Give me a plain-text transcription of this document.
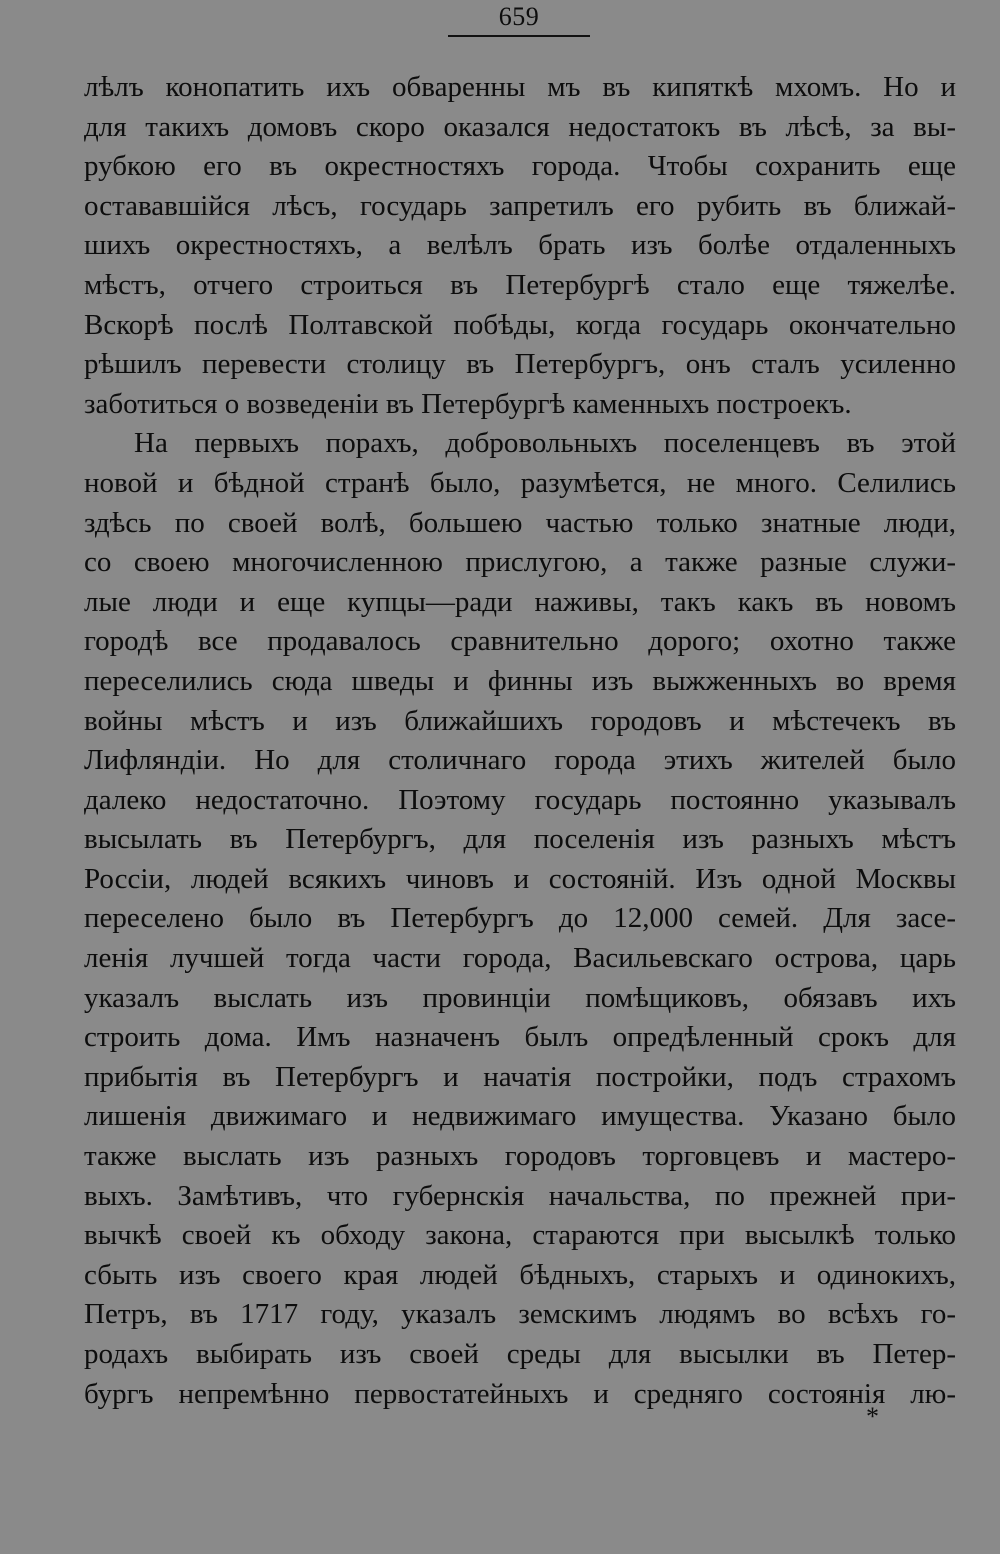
659
лѣлъ конопатить ихъ обваренны мъ въ кипяткѣ мхомъ. Но и
для такихъ домовъ скоро оказался недостатокъ въ лѣсѣ, за вы-
рубкою его въ окрестностяхъ города. Чтобы сохранить еще
остававшійся лѣсъ, государь запретилъ его рубить въ ближай-
шихъ окрестностяхъ, а велѣлъ брать изъ болѣе отдаленныхъ
мѣстъ, отчего строиться въ Петербургѣ стало еще тяжелѣе.
Вскорѣ послѣ Полтавской побѣды, когда государь окончательно
рѣшилъ перевести столицу въ Петербургъ, онъ сталъ усиленно
заботиться о возведеніи въ Петербургѣ каменныхъ построекъ.
На первыхъ порахъ, добровольныхъ поселенцевъ въ этой
новой и бѣдной странѣ было, разумѣется, не много. Селились
здѣсь по своей волѣ, большею частью только знатные люди,
со своею многочисленною прислугою, а также разные служи-
лые люди и еще купцы—ради наживы, такъ какъ въ новомъ
городѣ все продавалось сравнительно дорого; охотно также
переселились сюда шведы и финны изъ выжженныхъ во время
войны мѣстъ и изъ ближайшихъ городовъ и мѣстечекъ въ
Лифляндіи. Но для столичнаго города этихъ жителей было
далеко недостаточно. Поэтому государь постоянно указывалъ
высылать въ Петербургъ, для поселенія изъ разныхъ мѣстъ
Россіи, людей всякихъ чиновъ и состояній. Изъ одной Москвы
переселено было въ Петербургъ до 12,000 семей. Для засе-
ленія лучшей тогда части города, Васильевскаго острова, царь
указалъ выслать изъ провинціи помѣщиковъ, обязавъ ихъ
строить дома. Имъ назначенъ былъ опредѣленный срокъ для
прибытія въ Петербургъ и начатія постройки, подъ страхомъ
лишенія движимаго и недвижимаго имущества. Указано было
также выслать изъ разныхъ городовъ торговцевъ и мастеро-
выхъ. Замѣтивъ, что губернскія начальства, по прежней при-
вычкѣ своей къ обходу закона, стараются при высылкѣ только
сбыть изъ своего края людей бѣдныхъ, старыхъ и одинокихъ,
Петръ, въ 1717 году, указалъ земскимъ людямъ во всѣхъ го-
родахъ выбирать изъ своей среды для высылки въ Петер-
бургъ непремѣнно первостатейныхъ и средняго состоянія лю-
*
